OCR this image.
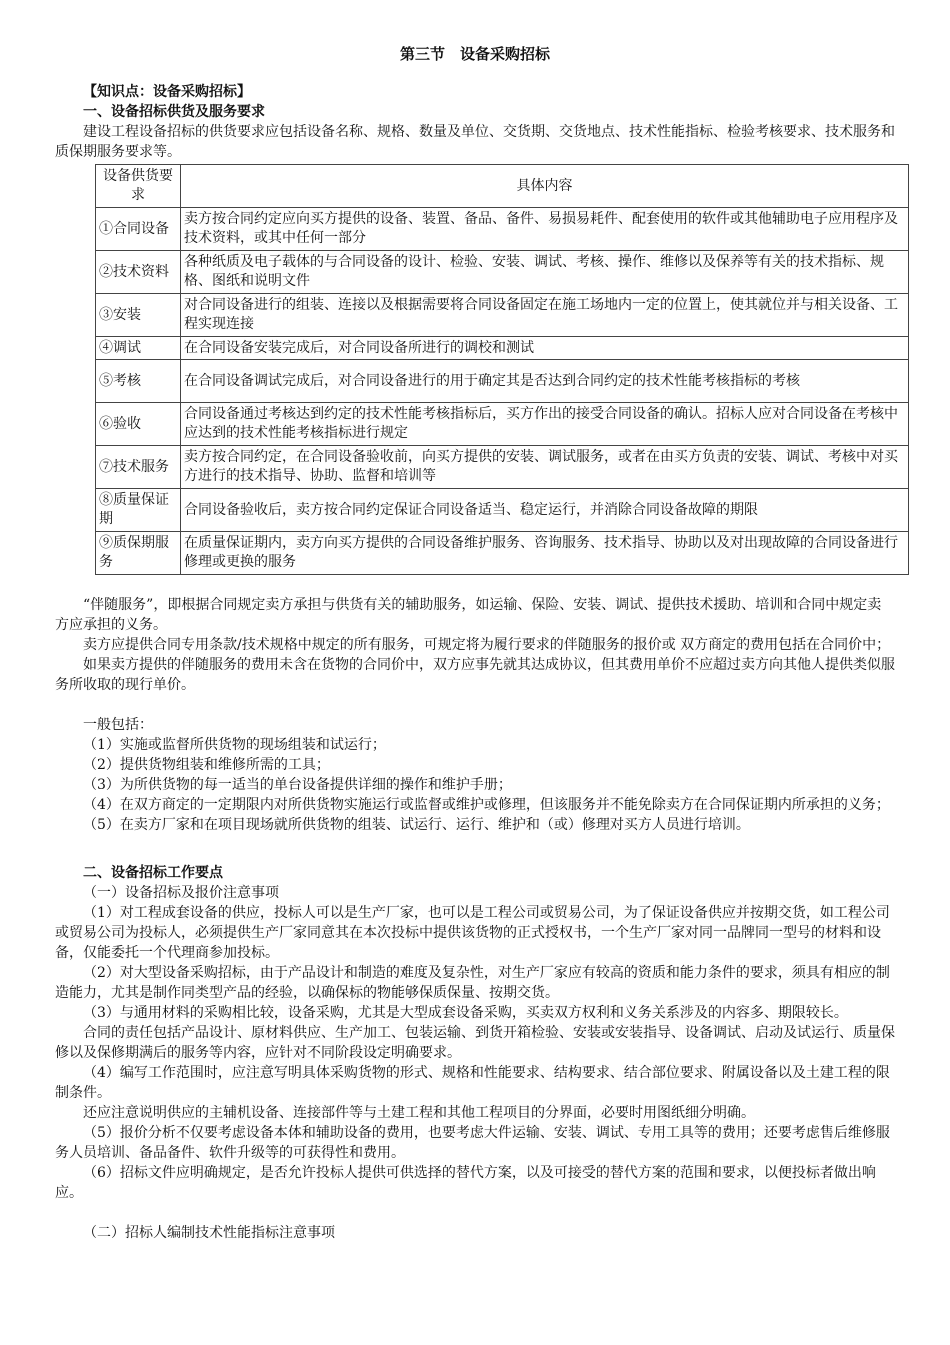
第三节　设备采购招标
【知识点：设备采购招标】
一、设备招标供货及服务要求
建设工程设备招标的供货要求应包括设备名称、规格、数量及单位、交货期、交货地点、技术性能指标、检验考核要求、技术服务和质保期服务要求等。
设备供货要求	具体内容
①合同设备	卖方按合同约定应向买方提供的设备、装置、备品、备件、易损易耗件、配套使用的软件或其他辅助电子应用程序及技术资料，或其中任何一部分
②技术资料	各种纸质及电子载体的与合同设备的设计、检验、安装、调试、考核、操作、维修以及保养等有关的技术指标、规格、图纸和说明文件
③安装	对合同设备进行的组装、连接以及根据需要将合同设备固定在施工场地内一定的位置上，使其就位并与相关设备、工程实现连接
④调试	在合同设备安装完成后，对合同设备所进行的调校和测试
⑤考核	在合同设备调试完成后，对合同设备进行的用于确定其是否达到合同约定的技术性能考核指标的考核
⑥验收	合同设备通过考核达到约定的技术性能考核指标后，买方作出的接受合同设备的确认。招标人应对合同设备在考核中应达到的技术性能考核指标进行规定
⑦技术服务	卖方按合同约定，在合同设备验收前，向买方提供的安装、调试服务，或者在由买方负责的安装、调试、考核中对买方进行的技术指导、协助、监督和培训等
⑧质量保证期	合同设备验收后，卖方按合同约定保证合同设备适当、稳定运行，并消除合同设备故障的期限
⑨质保期服务	在质量保证期内，卖方向买方提供的合同设备维护服务、咨询服务、技术指导、协助以及对出现故障的合同设备进行修理或更换的服务
“伴随服务”，即根据合同规定卖方承担与供货有关的辅助服务，如运输、保险、安装、调试、提供技术援助、培训和合同中规定卖方应承担的义务。
卖方应提供合同专用条款/技术规格中规定的所有服务，可规定将为履行要求的伴随服务的报价或 双方商定的费用包括在合同价中；
如果卖方提供的伴随服务的费用未含在货物的合同价中，双方应事先就其达成协议，但其费用单价不应超过卖方向其他人提供类似服务所收取的现行单价。
一般包括：
（1）实施或监督所供货物的现场组装和试运行；
（2）提供货物组装和维修所需的工具；
（3）为所供货物的每一适当的单台设备提供详细的操作和维护手册；
（4）在双方商定的一定期限内对所供货物实施运行或监督或维护或修理，但该服务并不能免除卖方在合同保证期内所承担的义务；
（5）在卖方厂家和在项目现场就所供货物的组装、试运行、运行、维护和（或）修理对买方人员进行培训。
二、设备招标工作要点
（一）设备招标及报价注意事项
（1）对工程成套设备的供应，投标人可以是生产厂家，也可以是工程公司或贸易公司，为了保证设备供应并按期交货，如工程公司或贸易公司为投标人，必须提供生产厂家同意其在本次投标中提供该货物的正式授权书，一个生产厂家对同一品牌同一型号的材料和设备，仅能委托一个代理商参加投标。
（2）对大型设备采购招标，由于产品设计和制造的难度及复杂性，对生产厂家应有较高的资质和能力条件的要求，须具有相应的制造能力，尤其是制作同类型产品的经验，以确保标的物能够保质保量、按期交货。
（3）与通用材料的采购相比较，设备采购，尤其是大型成套设备采购，买卖双方权利和义务关系涉及的内容多、期限较长。
合同的责任包括产品设计、原材料供应、生产加工、包装运输、到货开箱检验、安装或安装指导、设备调试、启动及试运行、质量保修以及保修期满后的服务等内容，应针对不同阶段设定明确要求。
（4）编写工作范围时，应注意写明具体采购货物的形式、规格和性能要求、结构要求、结合部位要求、附属设备以及土建工程的限制条件。
还应注意说明供应的主辅机设备、连接部件等与土建工程和其他工程项目的分界面，必要时用图纸细分明确。
（5）报价分析不仅要考虑设备本体和辅助设备的费用，也要考虑大件运输、安装、调试、专用工具等的费用；还要考虑售后维修服务人员培训、备品备件、软件升级等的可获得性和费用。
（6）招标文件应明确规定，是否允许投标人提供可供选择的替代方案，以及可接受的替代方案的范围和要求，以便投标者做出响应。
（二）招标人编制技术性能指标注意事项
